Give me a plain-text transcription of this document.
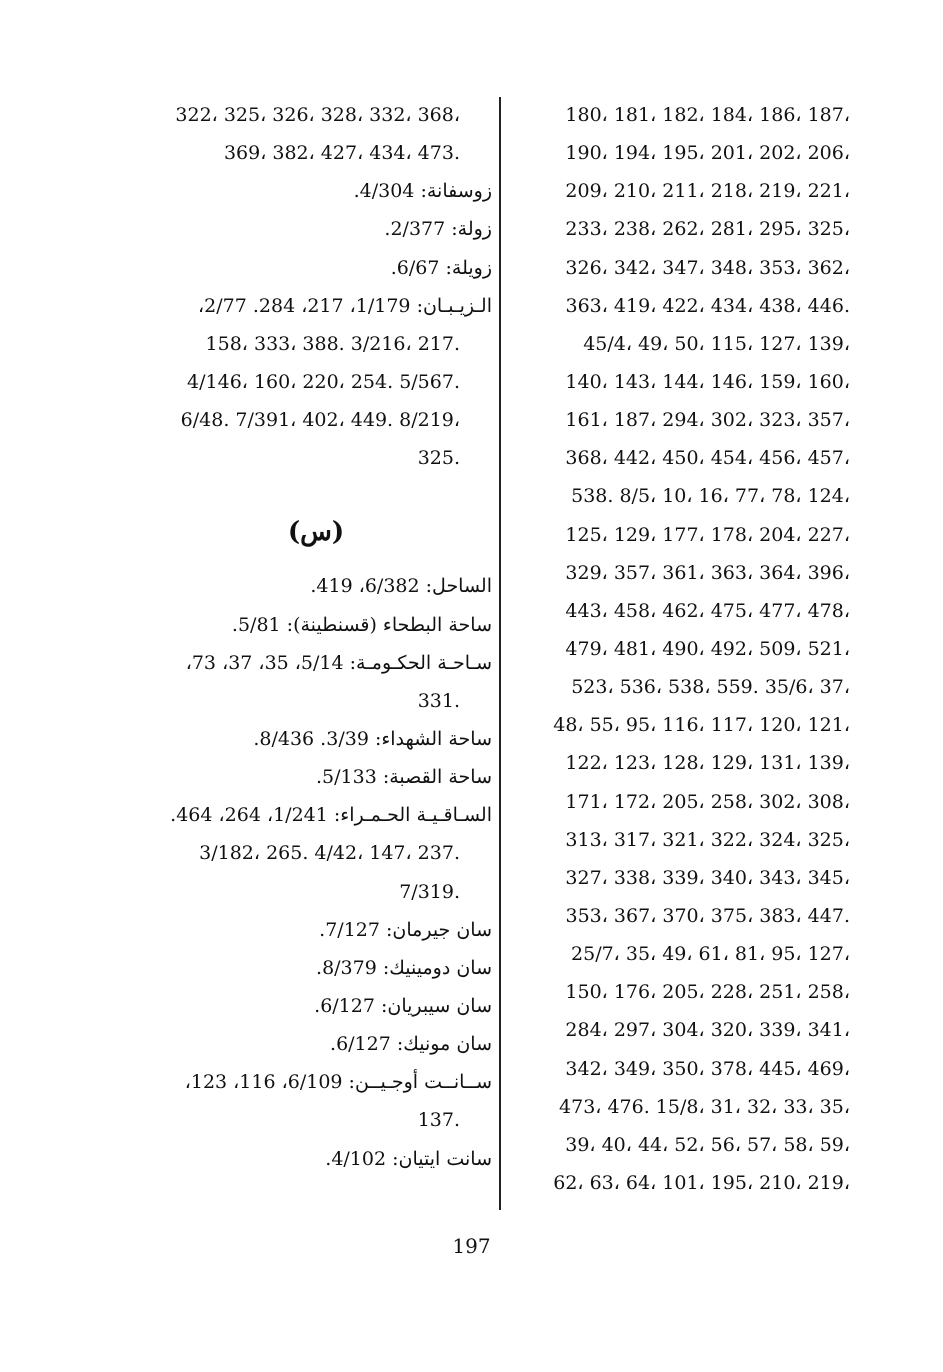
180، 181، 182، 184، 186، 187،
190، 194، 195، 201، 202، 206،
209، 210، 211، 218، 219، 221،
233، 238، 262، 281، 295، 325،
326، 342، 347، 348، 353، 362،
363، 419، 422، 434، 438، 446.
45/4، 49، 50، 115، 127، 139،
140، 143، 144، 146، 159، 160،
161، 187، 294، 302، 323، 357،
368، 442، 450، 454، 456، 457،
538. 8/5، 10، 16، 77، 78، 124،
125، 129، 177، 178، 204، 227،
329، 357، 361، 363، 364، 396،
443، 458، 462، 475، 477، 478،
479، 481، 490، 492، 509، 521،
523، 536، 538، 559. 35/6، 37،
48، 55، 95، 116، 117، 120، 121،
122، 123، 128، 129، 131، 139،
171، 172، 205، 258، 302، 308،
313، 317، 321، 322، 324، 325،
327، 338، 339، 340، 343، 345،
353، 367، 370، 375، 383، 447.
25/7، 35، 49، 61، 81، 95، 127،
150، 176، 205، 228، 251، 258،
284، 297، 304، 320، 339، 341،
342، 349، 350، 378، 445، 469،
473، 476. 15/8، 31، 32، 33، 35،
39، 40، 44، 52، 56، 57، 58، 59،
62، 63، 64، 101، 195، 210، 219،
322، 325، 326، 328، 332، 368،
369، 382، 427، 434، 473.
زوسفانة: 4/304.
زولة: 2/377.
زويلة: 6/67.
الـزيـبـان: 1/179، 217، 284. 2/77،
158، 333، 388. 3/216، 217.
4/146، 160، 220، 254. 5/567.
6/48. 7/391، 402، 449. 8/219،
325.
(س)
الساحل: 6/382، 419.
ساحة البطحاء (قسنطينة): 5/81.
سـاحـة الحكـومـة: 5/14، 35، 37، 73،
331.
ساحة الشهداء: 3/39. 8/436.
ساحة القصبة: 5/133.
السـاقـيـة الحـمـراء: 1/241، 264، 464.
3/182، 265. 4/42، 147، 237.
7/319.
سان جيرمان: 7/127.
سان دومينيك: 8/379.
سان سيبريان: 6/127.
سان مونيك: 6/127.
ســانــت أوجـيــن: 6/109، 116، 123،
137.
سانت ايتيان: 4/102.
197
